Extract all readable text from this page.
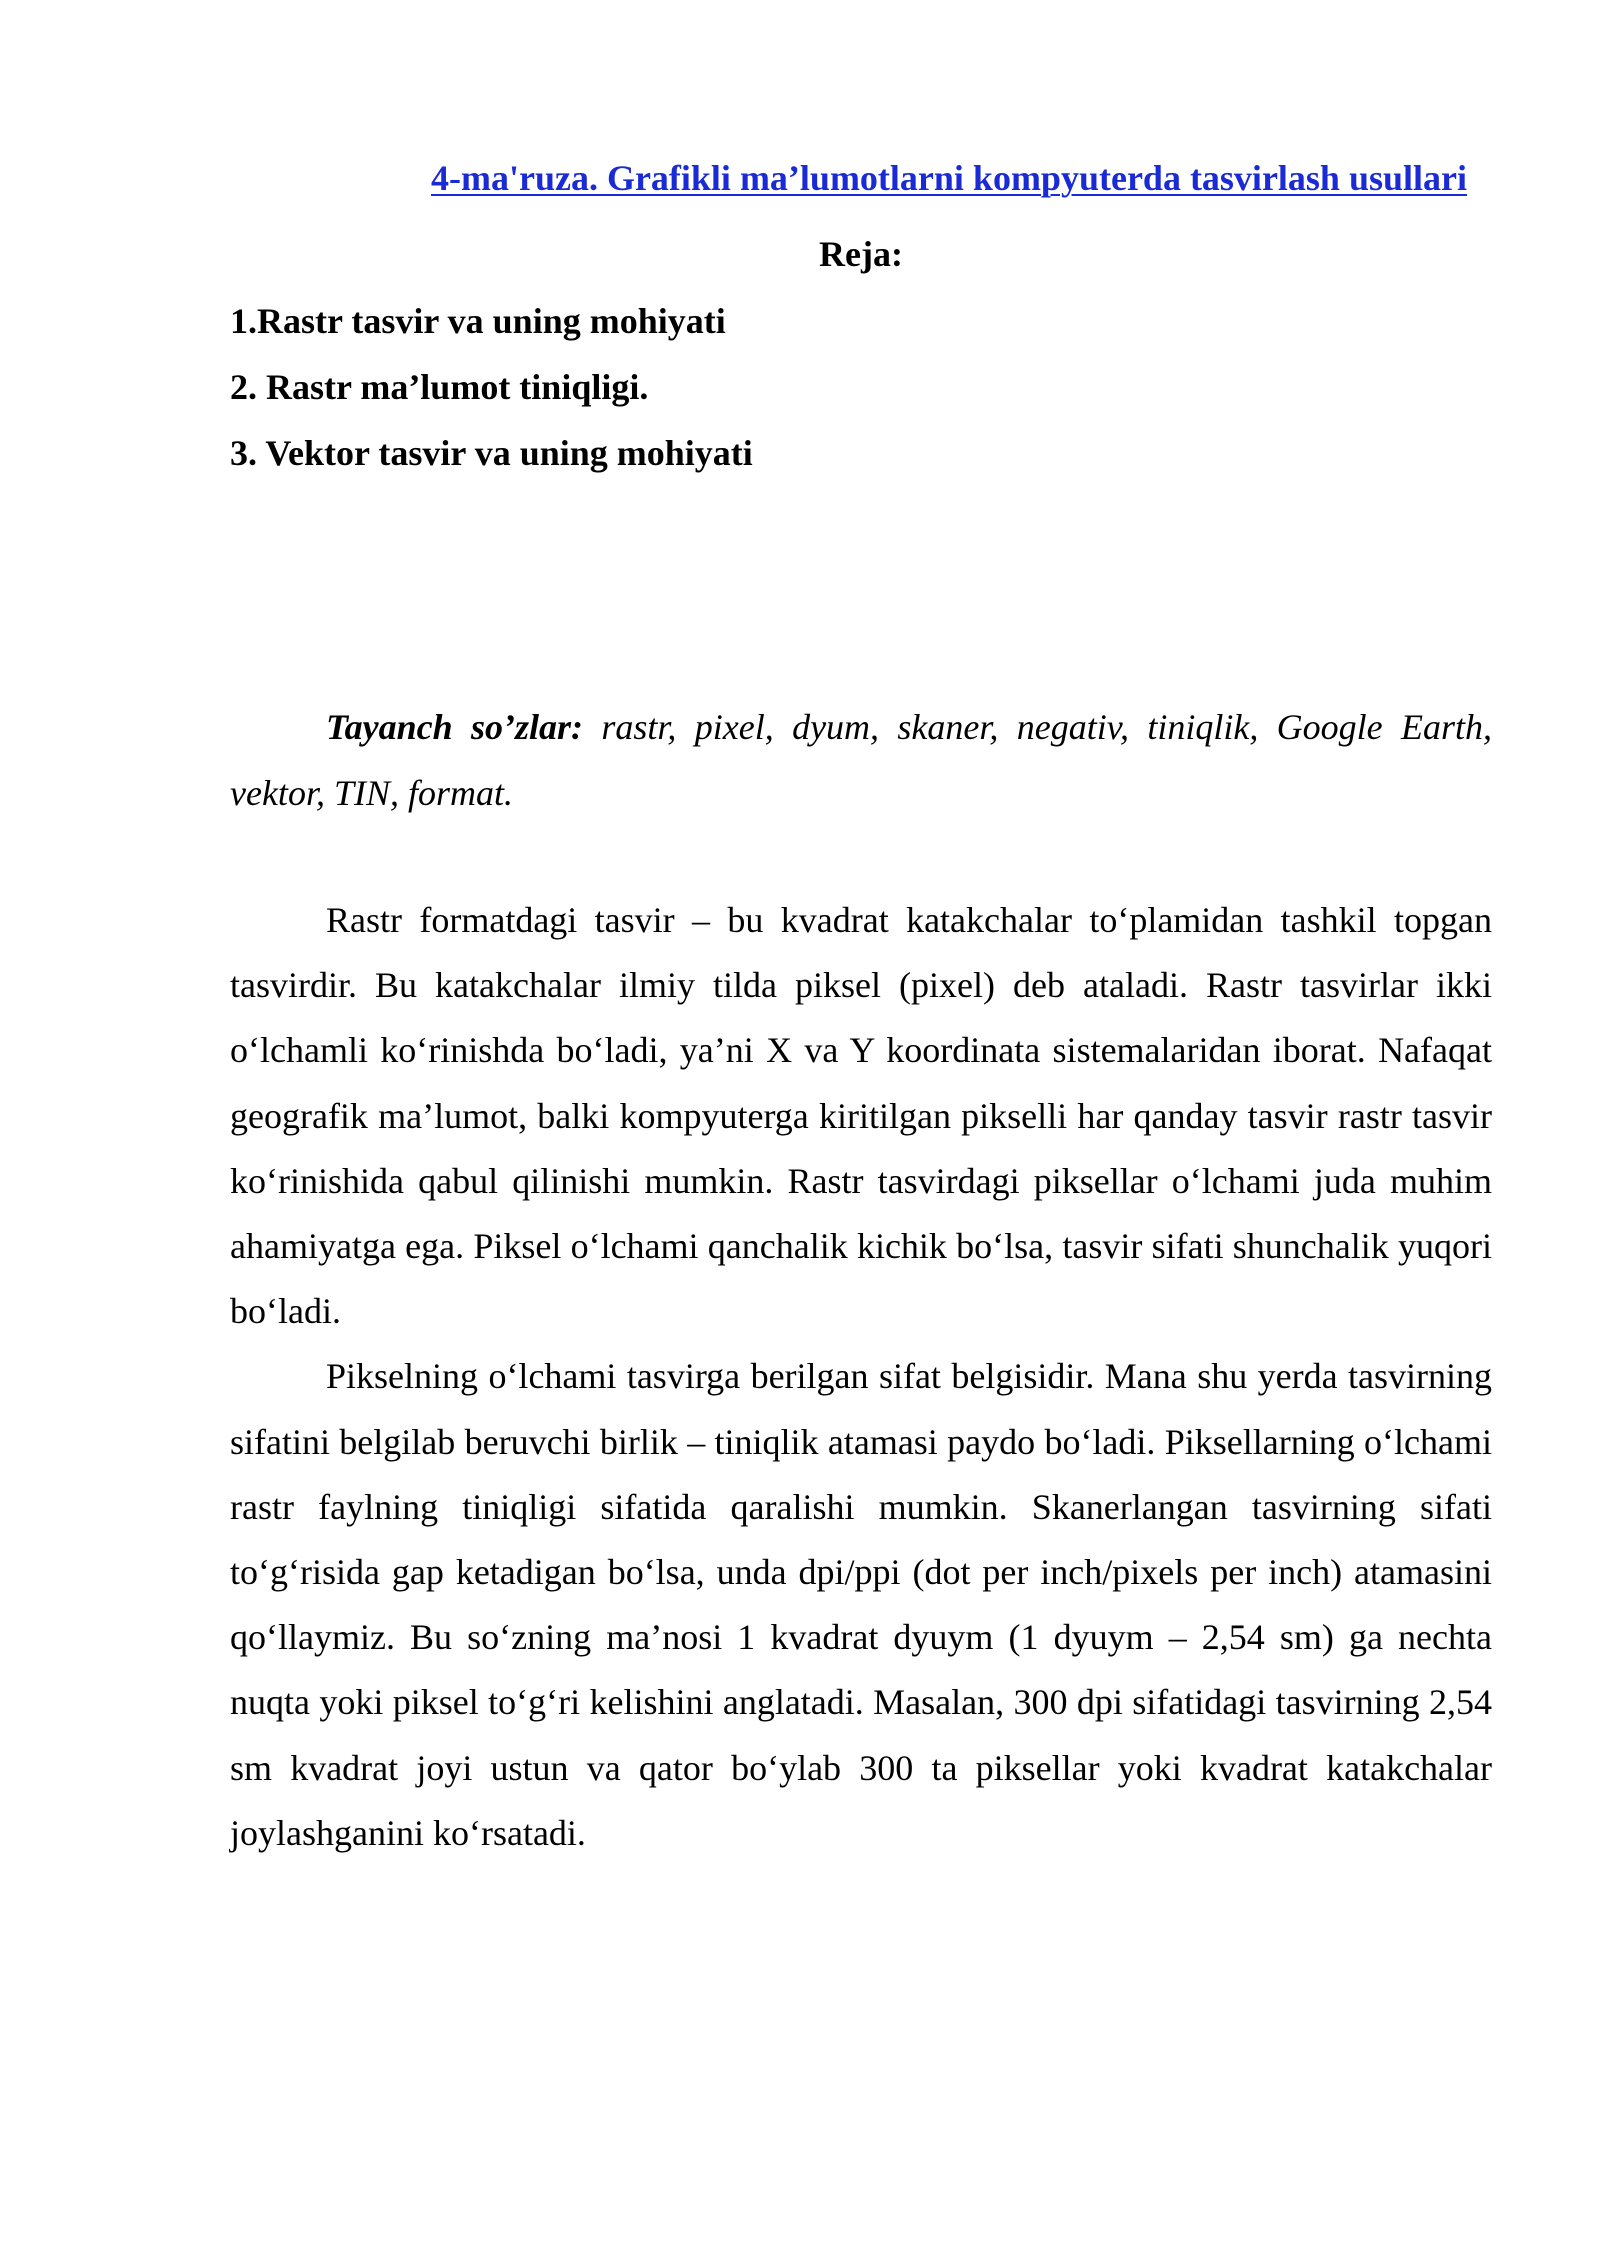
4-ma'ruza. Grafikli ma’lumotlarni kompyuterda tasvirlash usullari
Reja:
1.Rastr tasvir va uning mohiyati
2. Rastr ma’lumot tiniqligi.
3. Vektor tasvir va uning mohiyati

Tayanch so’zlar: rastr, pixel, dyum, skaner, negativ, tiniqlik, Google Earth, vektor, TIN, format.

Rastr formatdagi tasvir – bu kvadrat katakchalar to‘plamidan tashkil topgan tasvirdir. Bu katakchalar ilmiy tilda piksel (pixel) deb ataladi. Rastr tasvirlar ikki o‘lchamli ko‘rinishda bo‘ladi, ya’ni X va Y koordinata sistemalaridan iborat. Nafaqat geografik ma’lumot, balki kompyuterga kiritilgan pikselli har qanday tasvir rastr tasvir ko‘rinishida qabul qilinishi mumkin. Rastr tasvirdagi piksellar o‘lchami juda muhim ahamiyatga ega. Piksel o‘lchami qanchalik kichik bo‘lsa, tasvir sifati shunchalik yuqori bo‘ladi.

Pikselning o‘lchami tasvirga berilgan sifat belgisidir. Mana shu yerda tasvirning sifatini belgilab beruvchi birlik – tiniqlik atamasi paydo bo‘ladi. Piksellarning o‘lchami rastr faylning tiniqligi sifatida qaralishi mumkin. Skanerlangan tasvirning sifati to‘g‘risida gap ketadigan bo‘lsa, unda dpi/ppi (dot per inch/pixels per inch) atamasini qo‘llaymiz. Bu so‘zning ma’nosi 1 kvadrat dyuym (1 dyuym – 2,54 sm) ga nechta nuqta yoki piksel to‘g‘ri kelishini anglatadi. Masalan, 300 dpi sifatidagi tasvirning 2,54 sm kvadrat joyi ustun va qator bo‘ylab 300 ta piksellar yoki kvadrat katakchalar joylashganini ko‘rsatadi.
